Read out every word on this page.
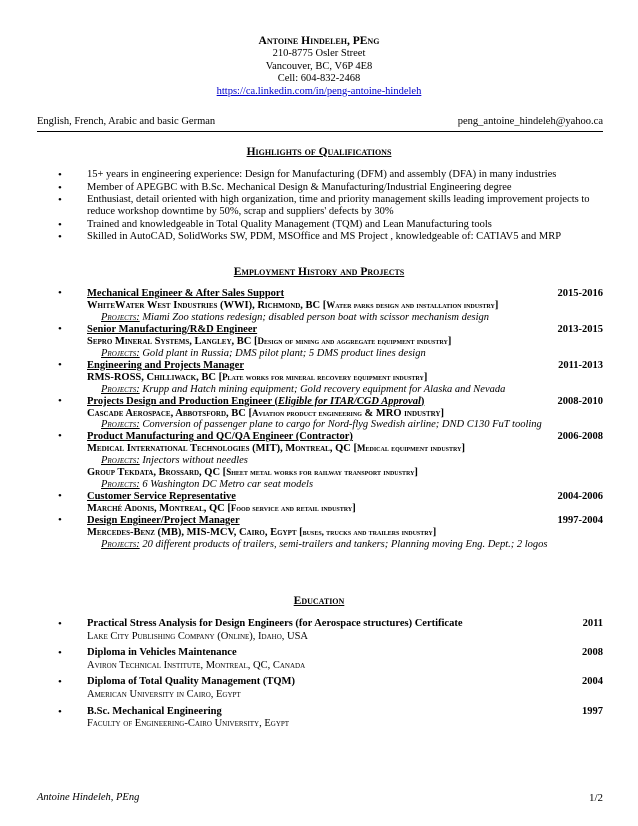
Antoine Hindeleh, PEng
210-8775 Osler Street
Vancouver, BC, V6P 4E8
Cell: 604-832-2468
https://ca.linkedin.com/in/peng-antoine-hindeleh
English, French, Arabic and basic German	peng_antoine_hindeleh@yahoo.ca
Highlights of Qualifications
• 15+ years in engineering experience: Design for Manufacturing (DFM) and assembly (DFA) in many industries
• Member of APEGBC with B.Sc. Mechanical Design & Manufacturing/Industrial Engineering degree
• Enthusiast, detail oriented with high organization, time and priority management skills leading improvement projects to reduce workshop downtime by 50%, scrap and suppliers' defects by 30%
• Trained and knowledgeable in Total Quality Management (TQM) and Lean Manufacturing tools
• Skilled in AutoCAD, SolidWorks SW, PDM, MSOffice and MS Project , knowledgeable of: CATIAV5 and MRP
Employment History and Projects
• Mechanical Engineer & After Sales Support	2015-2016
WhiteWater West Industries (WWI), Richmond, BC [Water parks design and installation industry]
Projects: Miami Zoo stations redesign; disabled person boat with scissor mechanism design
• Senior Manufacturing/R&D Engineer	2013-2015
Sepro Mineral Systems, Langley, BC [Design of mining and aggregate equipment industry]
Projects: Gold plant in Russia; DMS pilot plant; 5 DMS product lines design
• Engineering and Projects Manager	2011-2013
RMS-ROSS, Chilliwack, BC [Plate works for mineral recovery equipment industry]
Projects: Krupp and Hatch mining equipment; Gold recovery equipment for Alaska and Nevada
• Projects Design and Production Engineer (Eligible for ITAR/CGD Approval)	2008-2010
Cascade Aerospace, Abbotsford, BC [Aviation product engineering & MRO industry]
Projects: Conversion of passenger plane to cargo for Nord-flyg Swedish airline; DND C130 FuT tooling
• Product Manufacturing and QC/QA Engineer (Contractor)	2006-2008
Medical International Technologies (MIT), Montreal, QC [Medical equipment industry]
Projects: Injectors without needles
Group Tekdata, Brossard, QC [Sheet metal works for railway transport industry]
Projects: 6 Washington DC Metro car seat models
• Customer Service Representative	2004-2006
Marché Adonis, Montreal, QC [Food service and retail industry]
• Design Engineer/Project Manager	1997-2004
Mercedes-Benz (MB), MIS-MCV, Cairo, Egypt [buses, trucks and trailers industry]
Projects: 20 different products of trailers, semi-trailers and tankers; Planning moving Eng. Dept.; 2 logos
Education
• Practical Stress Analysis for Design Engineers (for Aerospace structures) Certificate	2011
Lake City Publishing Company (Online), Idaho, USA
• Diploma in Vehicles Maintenance	2008
Aviron Technical Institute, Montreal, QC, Canada
• Diploma of Total Quality Management (TQM)	2004
American University in Cairo, Egypt
• B.Sc. Mechanical Engineering	1997
Faculty of Engineering-Cairo University, Egypt
Antoine Hindeleh, PEng	1/2
